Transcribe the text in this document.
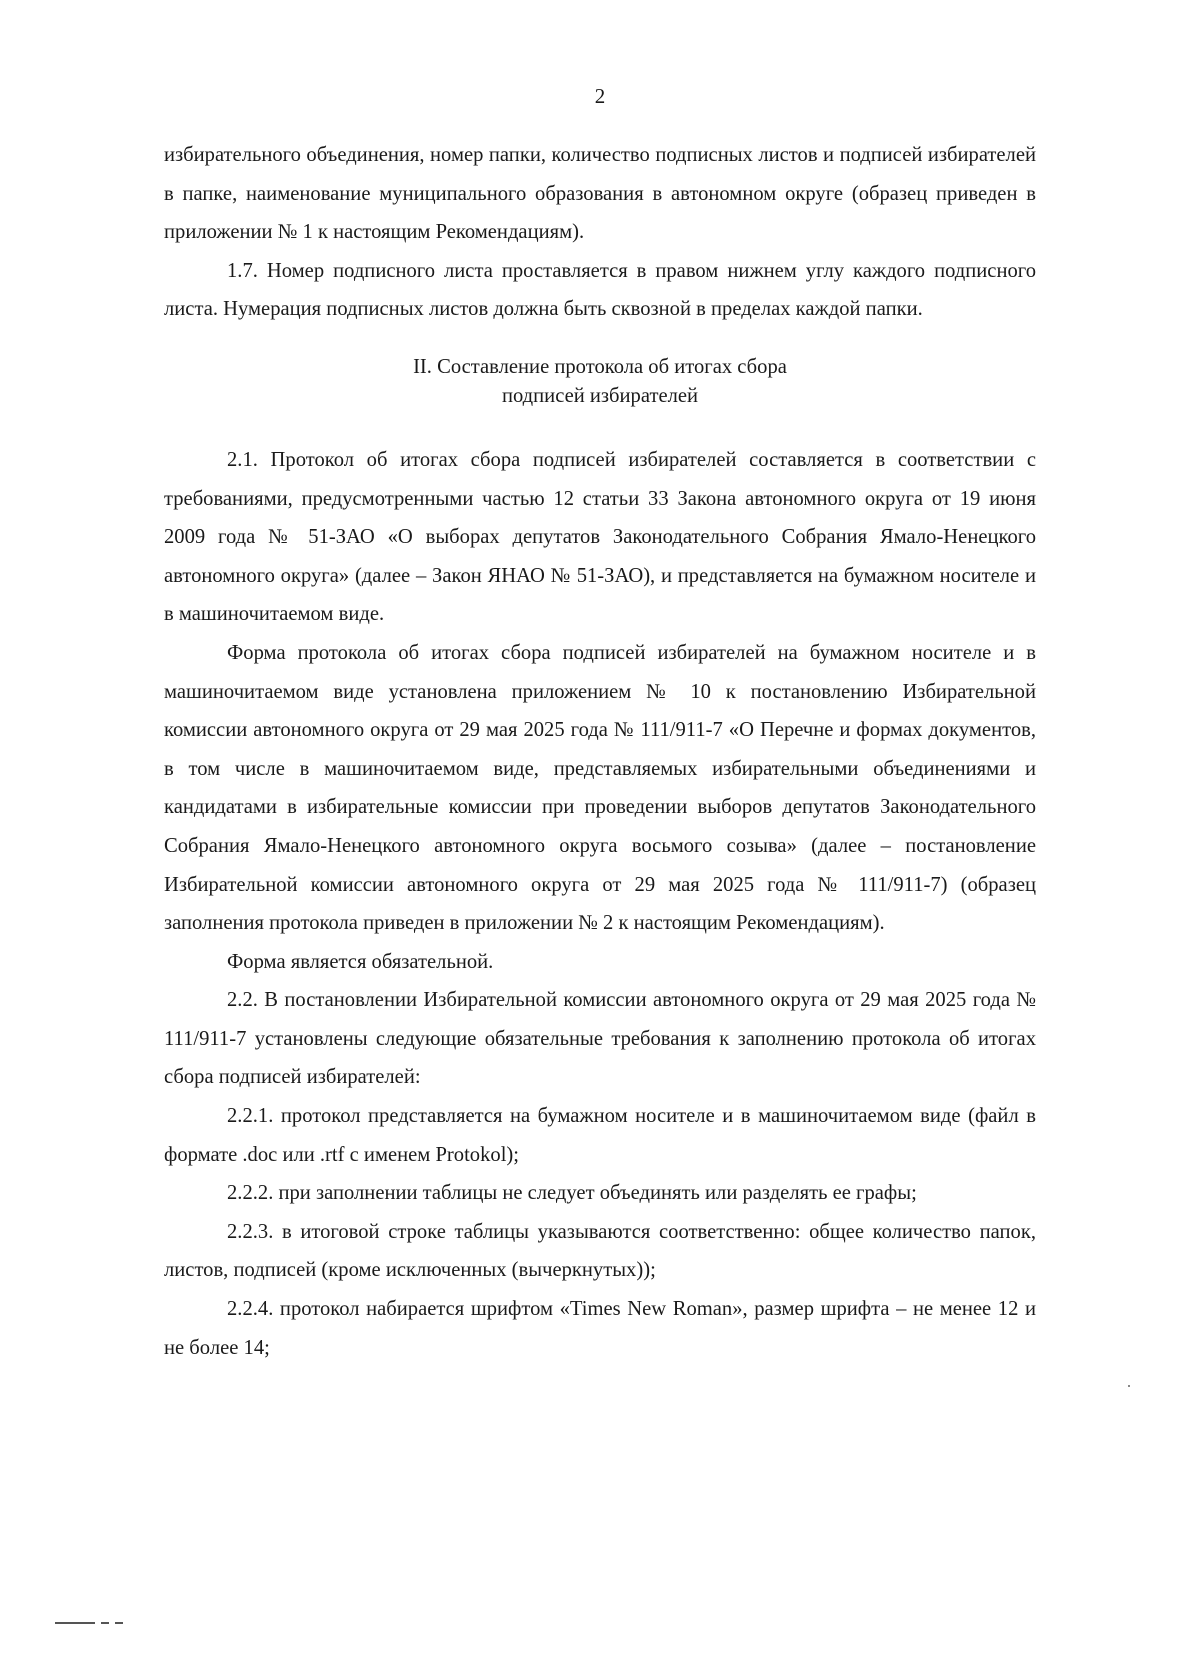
2

избирательного объединения, номер папки, количество подписных листов и подписей избирателей в папке, наименование муниципального образования в автономном округе (образец приведен в приложении № 1 к настоящим Рекомендациям).

1.7. Номер подписного листа проставляется в правом нижнем углу каждого подписного листа. Нумерация подписных листов должна быть сквозной в пределах каждой папки.

II. Составление протокола об итогах сбора
подписей избирателей

2.1. Протокол об итогах сбора подписей избирателей составляется в соответствии с требованиями, предусмотренными частью 12 статьи 33 Закона автономного округа от 19 июня 2009 года № 51-ЗАО «О выборах депутатов Законодательного Собрания Ямало-Ненецкого автономного округа» (далее – Закон ЯНАО № 51-ЗАО), и представляется на бумажном носителе и в машиночитаемом виде.

Форма протокола об итогах сбора подписей избирателей на бумажном носителе и в машиночитаемом виде установлена приложением № 10 к постановлению Избирательной комиссии автономного округа от 29 мая 2025 года № 111/911-7 «О Перечне и формах документов, в том числе в машиночитаемом виде, представляемых избирательными объединениями и кандидатами в избирательные комиссии при проведении выборов депутатов Законодательного Собрания Ямало-Ненецкого автономного округа восьмого созыва» (далее – постановление Избирательной комиссии автономного округа от 29 мая 2025 года № 111/911-7) (образец заполнения протокола приведен в приложении № 2 к настоящим Рекомендациям).

Форма является обязательной.

2.2. В постановлении Избирательной комиссии автономного округа от 29 мая 2025 года № 111/911-7 установлены следующие обязательные требования к заполнению протокола об итогах сбора подписей избирателей:

2.2.1. протокол представляется на бумажном носителе и в машиночитаемом виде (файл в формате .doc или .rtf с именем Protokol);

2.2.2. при заполнении таблицы не следует объединять или разделять ее графы;

2.2.3. в итоговой строке таблицы указываются соответственно: общее количество папок, листов, подписей (кроме исключенных (вычеркнутых));

2.2.4. протокол набирается шрифтом «Times New Roman», размер шрифта – не менее 12 и не более 14;
